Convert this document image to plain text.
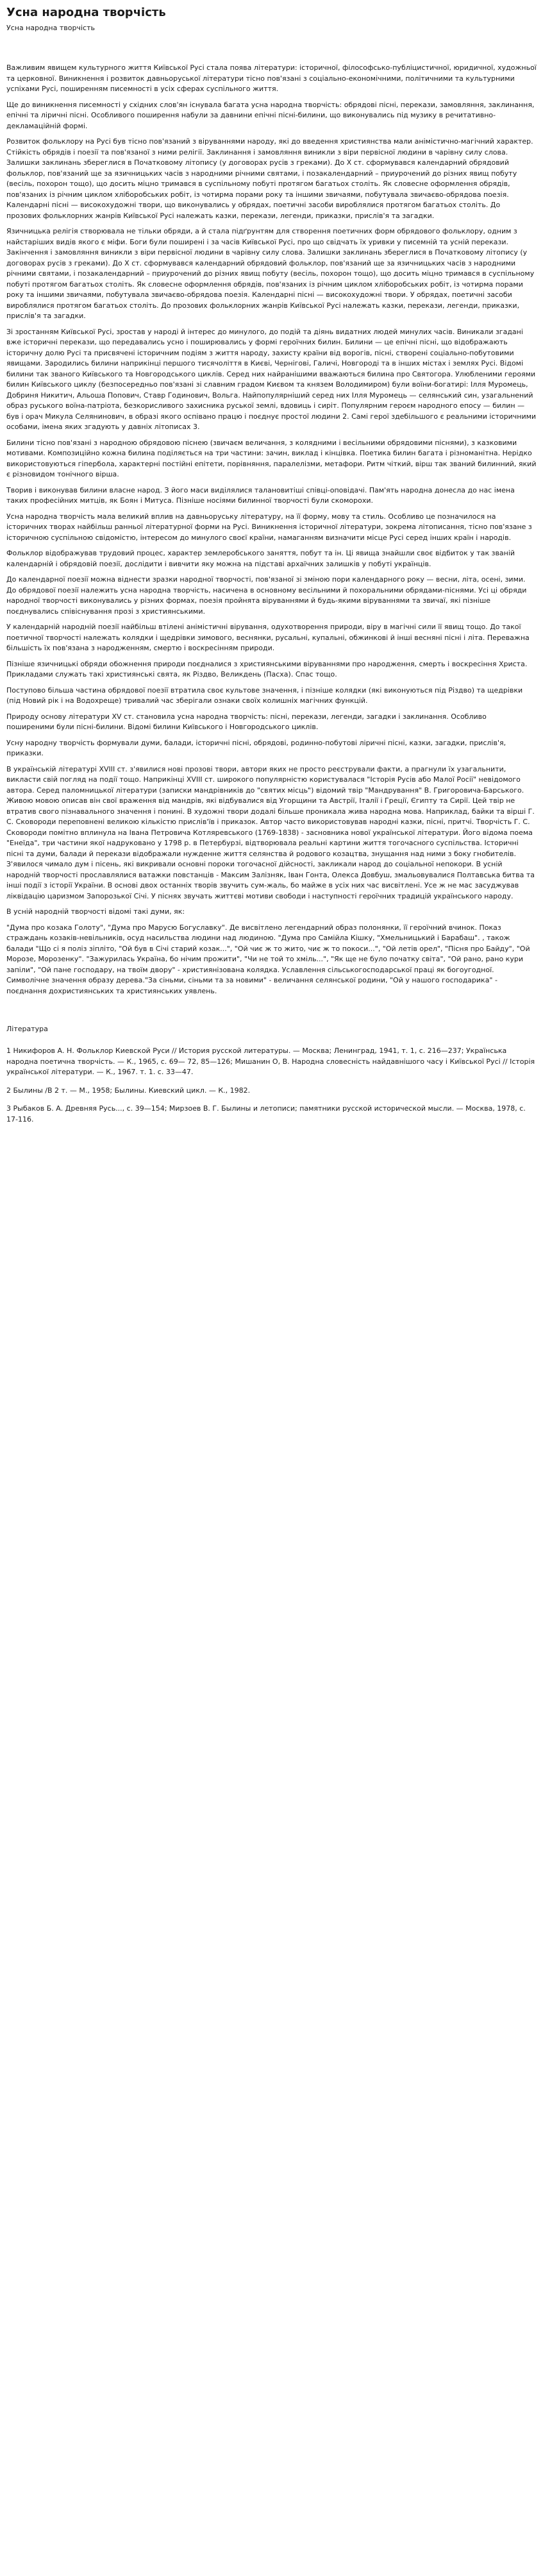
Усна народна творчість
Усна народна творчість

Важливим явищем культурного життя Київської Русі стала поява літератури: історичної, філософсько-публіцистичної, юридичної, художньої та церковної. Виникнення і розвиток давньоруської літератури тісно пов'язані з соціально-економічними, політичними та культурними успіхами Русі, поширенням писемності в усіх сферах суспільного життя.

Ще до виникнення писемності у східних слов'ян існувала багата усна народна творчість: обрядові пісні, перекази, замовляння, заклинання, епічні та ліричні пісні. Особливого поширення набули за давнини епічні пісні-билини, що виконувались під музику в речитативно-декламаційній формі.

Розвиток фольклору на Русі був тісно пов'язаний з віруваннями народу, які до введення християнства мали анімістично-магічний характер. Стійкість обрядів і поезії та пов'язаної з ними релігії. Заклинання і замовляння виникли з віри первісної людини в чарівну силу слова. Залишки заклинань збереглися в Початковому літопису (у договорах русів з греками). До Х ст. сформувався календарний обрядовий фольклор, пов'язаний ще за язичницьких часів з народними річними святами, і позакалендарний – приурочений до різних явищ побуту (весіль, похорон тощо), що досить міцно тримався в суспільному побуті протягом багатьох століть. Як словесне оформлення обрядів, пов'язаних із річним циклом хліборобських робіт, із чотирма порами року та іншими звичаями, побутувала звичаєво-обрядова поезія. Календарні пісні — високохудожні твори, що виконувались у обрядах, поетичні засоби вироблялися протягом багатьох століть. До прозових фольклорних жанрів Київської Русі належать казки, перекази, легенди, приказки, прислів'я та загадки.

Язичницька релігія створювала не тільки обряди, а й стала підґрунтям для створення поетичних форм обрядового фольклору, одним з найстаріших видів якого є міфи. Боги були поширені і за часів Київської Русі, про що свідчать їх уривки у писемній та усній перекази. Закінчення і замовляння виникли з віри первісної людини в чарівну силу слова. Залишки заклинань збереглися в Початковому літопису (у договорах русів з греками). До Х ст. сформувався календарний обрядовий фольклор, пов'язаний ще за язичницьких часів з народними річними святами, і позакалендарний – приурочений до різних явищ побуту (весіль, похорон тощо), що досить міцно тримався в суспільному побуті протягом багатьох століть. Як словесне оформлення обрядів, пов'язаних із річним циклом хліборобських робіт, із чотирма порами року та іншими звичаями, побутувала звичаєво-обрядова поезія. Календарні пісні — високохудожні твори. У обрядах, поетичні засоби вироблялися протягом багатьох століть. До прозових фольклорних жанрів Київської Русі належать казки, перекази, легенди, приказки, прислів'я та загадки.

Зі зростанням Київської Русі, зростав у народі й інтерес до минулого, до подій та діянь видатних людей минулих часів. Виникали згадані вже історичні перекази, що передавались усно і поширювались у формі героїчних билин. Билини — це епічні пісні, що відображають історичну долю Русі та присвячені історичним подіям з життя народу, захисту країни від ворогів, пісні, створені соціально-побутовими явищами. Зародились билини наприкінці першого тисячоліття в Києві, Чернігові, Галичі, Новгороді та в інших містах і землях Русі. Відомі билини так званого Київського та Новгородського циклів. Серед них найранішими вважаються билина про Святогора. Улюбленими героями билин Київського циклу (безпосередньо пов'язані зі славним градом Києвом та князем Володимиром) були воїни-богатирі: Ілля Муромець, Добриня Никитич, Альоша Попович, Ставр Годинович, Вольга. Найпопулярніший серед них Ілля Муромець — селянський син, узагальнений образ руського воїна-патріота, безкорисливого захисника руської землі, вдовиць і сиріт. Популярним героєм народного епосу — билин — був і орач Микула Селянинович, в образі якого оспівано працю і поєднує простої людини 2. Самі герої здебільшого є реальними історичними особами, імена яких згадують у давніх літописах 3.

Билини тісно пов'язані з народною обрядовою піснею (звичаєм величання, з колядними і весільними обрядовими піснями), з казковими мотивами. Композиційно кожна билина поділяється на три частини: зачин, виклад і кінцівка. Поетика билин багата і різноманітна. Нерідко використовуються гіпербола, характерні постійні епітети, порівняння, паралелізми, метафори. Ритм чіткий, вірш так званий билинний, який є різновидом тонічного вірша.

Творив і виконував билини власне народ. З його маси виділялися талановитіші співці-оповідачі. Пам'ять народна донесла до нас імена таких професійних митців, як Боян і Митуса. Пізніше носіями билинної творчості були скоморохи.

Усна народна творчість мала великий вплив на давньоруську літературу, на її форму, мову та стиль. Особливо це позначилося на історичних творах найбільш ранньої літературної форми на Русі. Виникнення історичної літератури, зокрема літописання, тісно пов'язане з історичною суспільною свідомістю, інтересом до минулого своєї країни, намаганням визначити місце Русі серед інших країн і народів.

Фольклор відображував трудовий процес, характер землеробського заняття, побут та ін. Ці явища знайшли своє відбиток у так званій календарній і обрядовій поезії, дослідити і вивчити яку можна на підставі архаїчних залишків у побуті українців.

До календарної поезії можна віднести зразки народної творчості, пов'язаної зі зміною пори календарного року — весни, літа, осені, зими. До обрядової поезії належить усна народна творчість, насичена в основному весільними й похоральними обрядами-піснями. Усі ці обряди народної творчості виконувались у різних формах, поезія пройнята віруваннями й будь-якими віруваннями та звичаї, які пізніше поєднувались співіснування прозі з християнськими.

У календарній народній поезії найбільш втілені анімістичні вірування, одухотворення природи, віру в магічні сили її явищ тощо. До такої поетичної творчості належать колядки і щедрівки зимового, веснянки, русальні, купальні, обжинкові й інші весняні пісні і літа. Переважна більшість їх пов'язана з народженням, смертю і воскресінням природи.

Пізніше язичницькі обряди обожнення природи поєдналися з християнськими віруваннями про народження, смерть і воскресіння Христа. Прикладами служать такі християнські свята, як Різдво, Великдень (Пасха). Спас тощо.

Поступово більша частина обрядової поезії втратила своє культове значення, і пізніше колядки (які виконуються під Різдво) та щедрівки (під Новий рік і на Водохреще) тривалий час зберігали ознаки своїх колишніх магічних функцій.

Природу основу літератури XV ст. становила усна народна творчість: пісні, перекази, легенди, загадки і заклинання. Особливо поширеними були пісні-билини. Відомі билини Київського і Новгородського циклів.

Усну народну творчість формували думи, балади, історичні пісні, обрядові, родинно-побутові ліричні пісні, казки, загадки, прислів'я, приказки.

В українській літературі XVIII ст. з'явилися нові прозові твори, автори яких не просто реєстрували факти, а прагнули їх узагальнити, викласти свій погляд на події тощо. Наприкінці XVIII ст. широкого популярністю користувалася "Історія Русів або Малої Росії" невідомого автора. Серед паломницької літератури (записки мандрівників до "святих місць") відомий твір "Мандрування" В. Григоровича-Барського. Живою мовою описав він свої враження від мандрів, які відбувалися від Угорщини та Австрії, Італії і Греції, Єгипту та Сирії. Цей твір не втратив свого пізнавального значення і понині. В художні твори додалі більше проникала жива народна мова. Наприклад, байки та вірші Г. С. Сковороди переповнені великою кількістю прислів'їв і приказок. Автор часто використовував народні казки, пісні, притчі. Творчість Г. С. Сковороди помітно вплинула на Івана Петровича Котляревського (1769-1838) - засновника нової української літератури. Його відома поема "Енеїда", три частини якої надруковано у 1798 р. в Петербурзі, відтворювала реальні картини життя тогочасного суспільства. Історичні пісні та думи, балади й перекази відображали нужденне життя селянства й родового козацтва, знущання над ними з боку гнобителів. З'явилося чимало дум і пісень, які викривали основні пороки тогочасної дійсності, закликали народ до соціальної непокори. В усній народній творчості прославлялися ватажки повстанців - Максим Залізняк, Іван Гонта, Олекса Довбуш, змальовувалися Полтавська битва та інші події з історії України. В основі двох останніх творів звучить сум-жаль, бо майже в усіх них час висвітлені. Усе ж не мас засуджував ліквідацію царизмом Запорозької Січі. У піснях звучать життєві мотиви свободи і наступності героїчних традицій українського народу.

В усній народній творчості відомі такі думи, як:

"Дума про козака Голоту", "Дума про Марусю Богуславку". Де висвітлено легендарний образ полонянки, її героїчний вчинок. Показ страждань козаків-невільників, осуд насильства людини над людиною. "Дума про Самійла Кішку, "Хмельницький і Барабаш". , також балади "Що сі я поліз зіпліто, "Ой був в Січі старий козак...", "Ой чиє ж то жито, чиє ж то покоси...", "Ой летів орел", "Пісня про Байду", "Ой Морозе, Морозенку". "Зажурилась Україна, бо нічим прожити", "Чи не той то хміль...", "Як ще не було початку світа", "Ой рано, рано кури запіли", "Ой пане господару, на твоїм двору" - християнізована колядка. Уславлення сільськогосподарської праці як богоугодної. Символічне значення образу дерева."За сіньми, сіньми та за новими" - величання селянської родини, "Ой у нашого господарика" - поєднання дохристиянських та християнських уявлень.

Література

1 Никифоров А. Н. Фольклор Киевской Руси // История русской литературы. — Москва; Ленинград, 1941, т. 1, с. 216—237; Українська народна поетична творчість. — К., 1965, с. 69— 72, 85—126; Мишанин О, В. Народна словесність найдавнішого часу і Київської Русі // Історія української літератури. — К., 1967. т. 1. с. 33—47.

2 Былины /В 2 т. — М., 1958; Былины. Киевский цикл. — К., 1982.

3 Рыбаков Б. А. Древняя Русь..., с. 39—154; Мирзоев В. Г. Былины и летописи; памятники русской исторической мысли. — Москва, 1978, с. 17-116.
